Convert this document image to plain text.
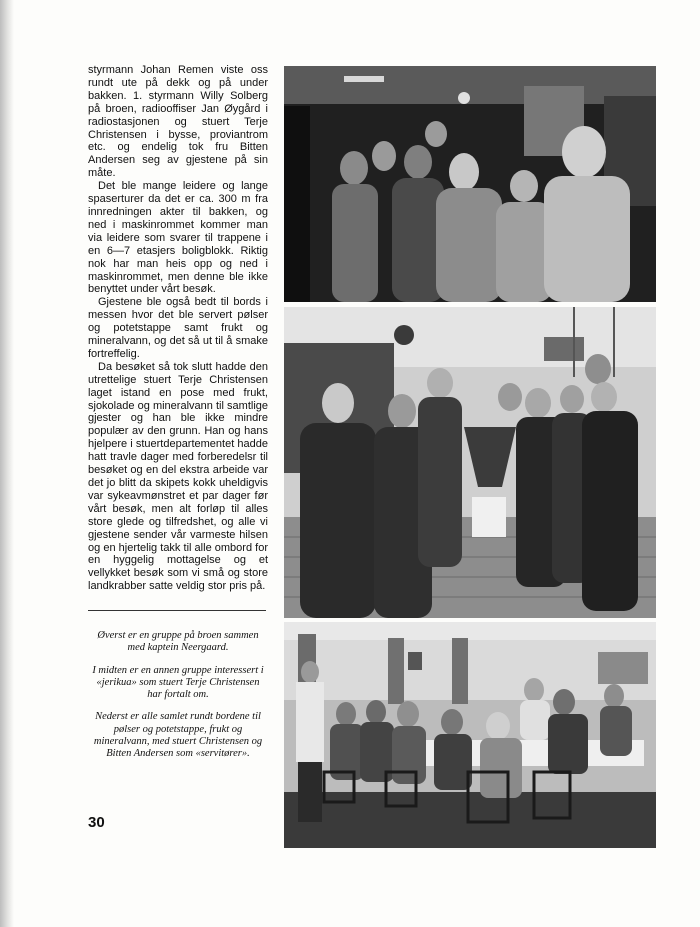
styrmann Johan Remen viste oss rundt ute på dekk og på under bakken. 1. styrmann Willy Solberg på broen, radiooffiser Jan Øygård i radiostasjonen og stuert Terje Christensen i bysse, proviantrom etc. og endelig tok fru Bitten Andersen seg av gjestene på sin måte.

Det ble mange leidere og lange spaserturer da det er ca. 300 m fra innredningen akter til bakken, og ned i maskinrommet kommer man via leidere som svarer til trappene i en 6—7 etasjers boligblokk. Riktig nok har man heis opp og ned i maskinrommet, men denne ble ikke benyttet under vårt besøk.

Gjestene ble også bedt til bords i messen hvor det ble servert pølser og potetstappe samt frukt og mineralvann, og det så ut til å smake fortreffelig.

Da besøket så tok slutt hadde den utrettelige stuert Terje Christensen laget istand en pose med frukt, sjokolade og mineralvann til samtlige gjester og han ble ikke mindre populær av den grunn. Han og hans hjelpere i stuertdepartementet hadde hatt travle dager med forberedelsr til besøket og en del ekstra arbeide var det jo blitt da skipets kokk uheldigvis var sykeavmønstret et par dager før vårt besøk, men alt forløp til alles store glede og tilfredshet, og alle vi gjestene sender vår varmeste hilsen og en hjertelig takk til alle ombord for en hyggelig mottagelse og et vellykket besøk som vi små og store landkrabber satte veldig stor pris på.

Øverst er en gruppe på broen sammen med kaptein Neergaard.

I midten er en annen gruppe interessert i «jerikua» som stuert Terje Christensen har fortalt om.

Nederst er alle samlet rundt bordene til pølser og potetstappe, frukt og mineralvann, med stuert Christensen og Bitten Andersen som «servitører».

30
